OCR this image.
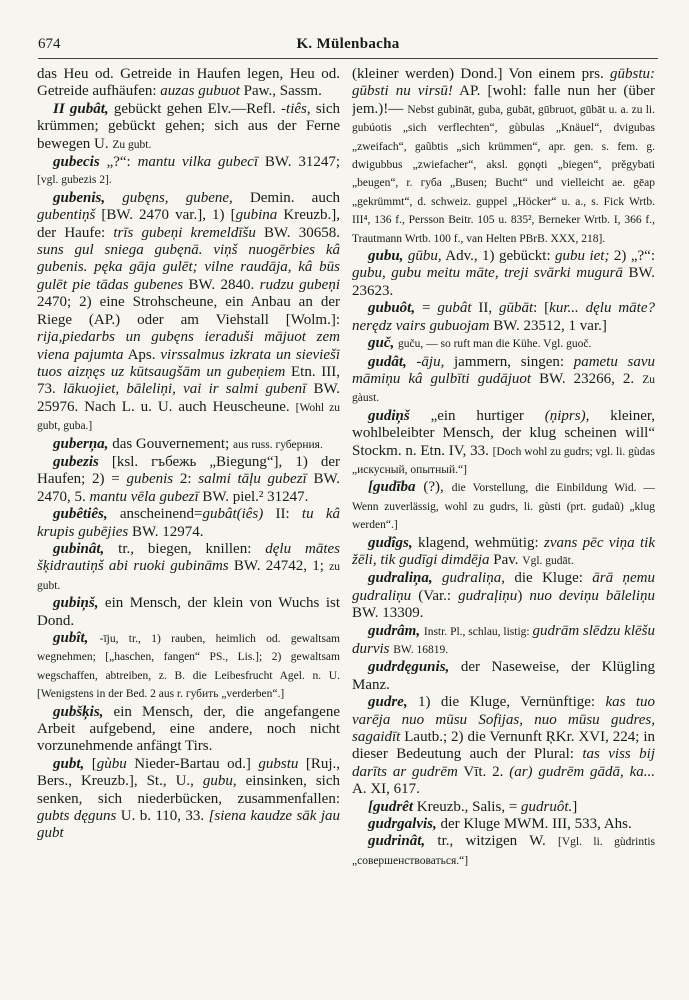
674	K. Mülenbacha

das Heu od. Getreide in Haufen legen, Heu od. Getreide aufhäufen: auzas gubuot Paw., Sassm.

II gubât, gebückt gehen Elv.—Refl. -tiês, sich krümmen; gebückt gehen; sich aus der Ferne bewegen U. Zu gubt.

gubecis „?“: mantu vilka gubecī BW. 31247; [vgl. gubezis 2].

gubenis, gubęns, gubene, Demin. auch gubentiņš [BW. 2470 var.], 1) [gubina Kreuzb.], der Haufe: trīs gubeņi kremeldīšu BW. 30658. suns gul sniega gubęnā. viņš nuogērbies kâ gubenis. pęka gāja gulēt; vilne raudāja, kâ būs gulēt pie tādas gubenes BW. 2840. rudzu gubeņi 2470; 2) eine Strohscheune, ein Anbau an der Riege (AP.) oder am Viehstall [Wolm.]: rija,piedarbs un gubęns ieraduši mājuot zem viena pajumta Aps. virssalmus izkrata un sieviešī tuos aizņęs uz kūtsaugšām un gubeņiem Etn. III, 73. lākuojiet, bāleliņi, vai ir salmi gubenī BW. 25976. Nach L. u. U. auch Heuscheune. [Wohl zu gubt, guba.]

guberņa, das Gouvernement; aus russ. губерния.

gubezis [ksl. гъбежь „Biegung“], 1) der Haufen; 2) = gubenis 2: salmi tāļu gubezī BW. 2470, 5. mantu vēla gubezī BW. piel.² 31247.

gubêtiês, anscheinend=gubât(iês) II: tu kâ krupis gubējies BW. 12974.

gubinât, tr., biegen, knillen: dęlu mātes šķidrautiņš abi ruoki gubināms BW. 24742, 1; zu gubt.

gubiņš, ein Mensch, der klein von Wuchs ist Dond.

gubît, -īju, tr., 1) rauben, heimlich od. gewaltsam wegnehmen; [„haschen, fangen“ PS., Lis.]; 2) gewaltsam wegschaffen, abtreiben, z. B. die Leibesfrucht Agel. n. U. [Wenigstens in der Bed. 2 aus r. губить „verderben“.]

gubšķis, ein Mensch, der, die angefangene Arbeit aufgebend, eine andere, noch nicht vorzunehmende anfängt Tirs.

gubt, [gùbu Nieder-Bartau od.] gubstu [Ruj., Bers., Kreuzb.], St., U., gubu, einsinken, sich senken, sich niederbücken, zusammenfallen: gubts dęguns U. b. 110, 33. [siena kaudze sāk jau gubt

(kleiner werden) Dond.] Von einem prs. gūbstu: gūbsti nu virsū! AP. [wohl: falle nun her (über jem.)!— Nebst gubināt, guba, gubāt, gūbruot, gūbāt u. a. zu li. gubúotis „sich verflechten“, gùbulas „Knäuel“, dvigubas „zweifach“, gaũbtis „sich krümmen“, apr. gen. s. fem. g. dwigubbus „zwiefacher“, aksl. gǫnǫti „biegen“, prěgybati „beugen“, r. губа „Busen; Bucht“ und vielleicht ae. gēap „gekrümmt“, d. schweiz. guppel „Höcker“ u. a., s. Fick Wrtb. III⁴, 136 f., Persson Beitr. 105 u. 835², Berneker Wrtb. I, 366 f., Trautmann Wrtb. 100 f., van Helten PBrB. XXX, 218].

gubu, gūbu, Adv., 1) gebückt: gubu iet; 2) „?“: gubu, gubu meitu māte, treji svārki mugurā BW. 23623.

gubuôt, = gubât II, gūbāt: [kur... dęlu māte? nerędz vairs gubuojam BW. 23512, 1 var.]

guč, guču, — so ruft man die Kühe. Vgl. guoč.

gudât, -āju, jammern, singen: pametu savu māmiņu kâ gulbīti gudājuot BW. 23266, 2. Zu gàust.

gudiņš „ein hurtiger (ņiprs), kleiner, wohlbeleibter Mensch, der klug scheinen will“ Stockm. n. Etn. IV, 33. [Doch wohl zu gudrs; vgl. li. gùdas „искусный, опытный.“]

[gudība (?), die Vorstellung, die Einbildung Wid. — Wenn zuverlässig, wohl zu gudrs, li. gùsti (prt. gudaũ) „klug werden“.]

gudîgs, klagend, wehmütig: zvans pēc viņa tik žēli, tik gudīgi dimdēja Pav. Vgl. gudāt.

gudraliņa, gudraliņa, die Kluge: ārā ņemu gudraliņu (Var.: gudraļiņu) nuo deviņu bāleliņu BW. 13309.

gudrâm, Instr. Pl., schlau, listig: gudrām slēdzu klēšu durvis BW. 16819.

gudrdęgunis, der Naseweise, der Klügling Manz.

gudre, 1) die Kluge, Vernünftige: kas tuo varēja nuo mūsu Sofijas, nuo mūsu gudres, sagaidīt Lautb.; 2) die Vernunft ŖKr. XVI, 224; in dieser Bedeutung auch der Plural: tas viss bij darīts ar gudrēm Vīt. 2. (ar) gudrēm gādā, ka... A. XI, 617.

[gudrêt Kreuzb., Salis, = gudruôt.]

gudrgalvis, der Kluge MWM. III, 533, Ahs.

gudrinât, tr., witzigen W. [Vgl. li. gùdrintis „совершенствоваться.“]
